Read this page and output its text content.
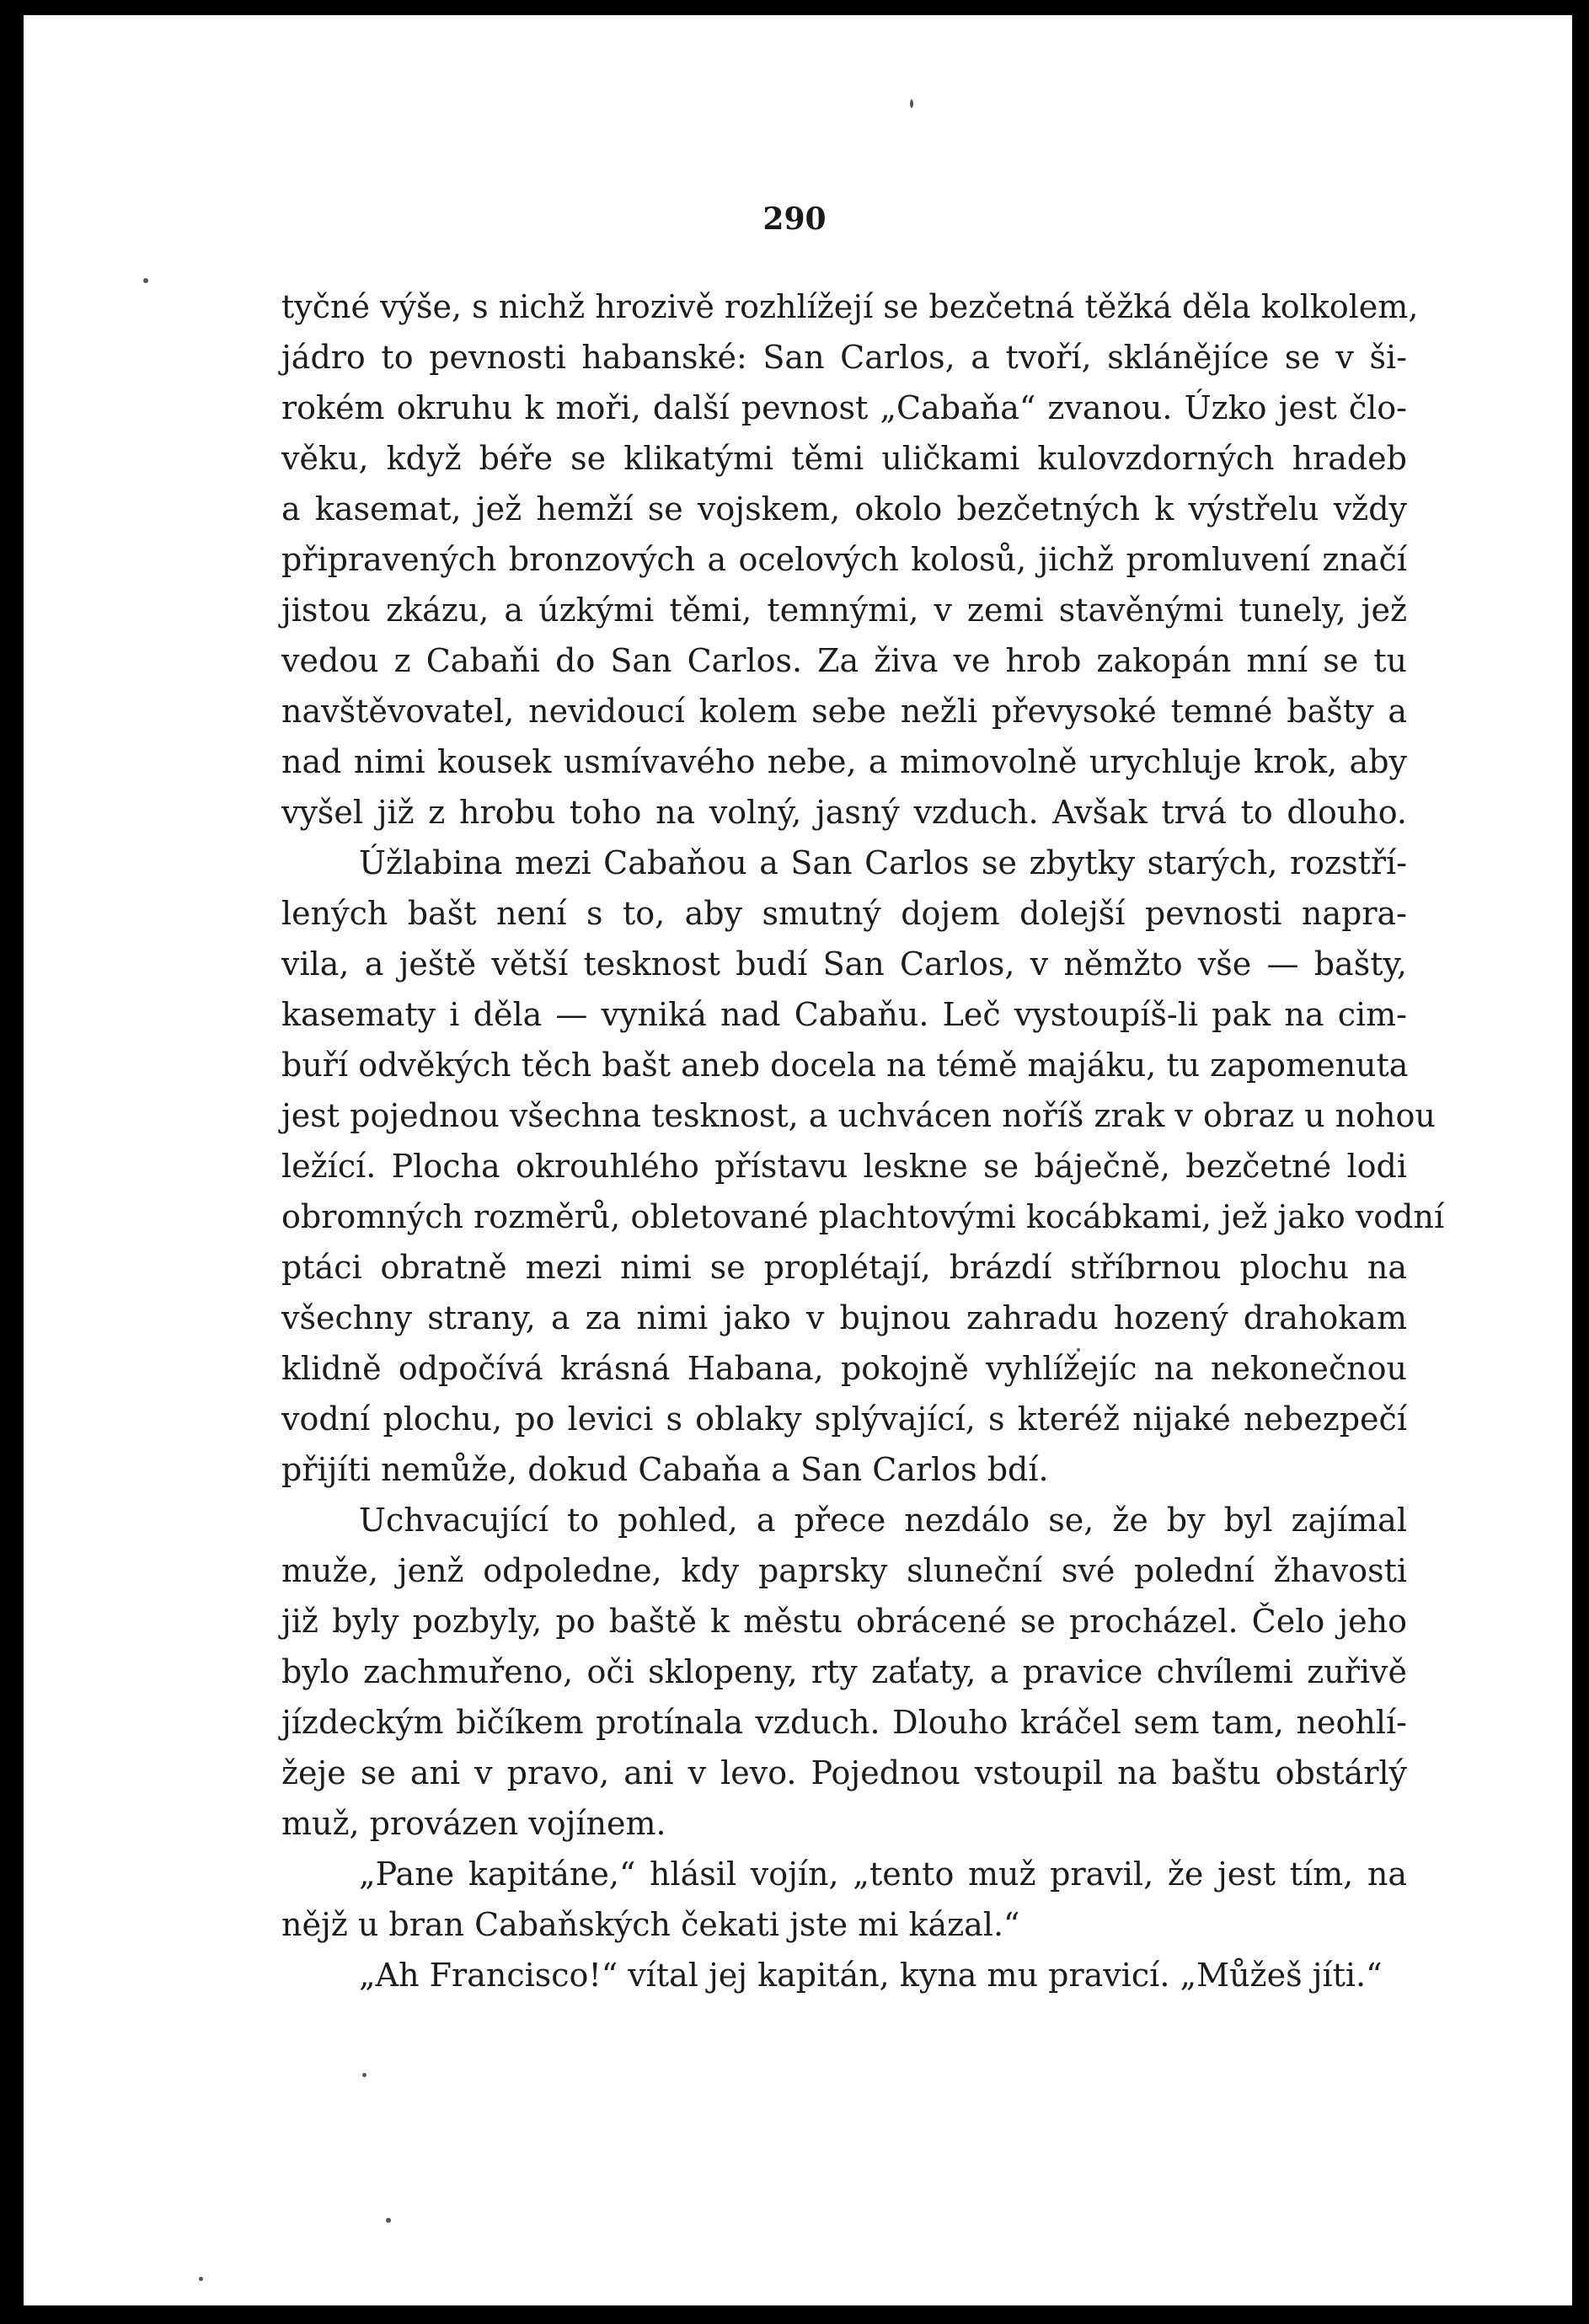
290
tyčné výše, s nichž hrozivě rozhlížejí se bezčetná těžká děla kolkolem,
jádro to pevnosti habanské: San Carlos, a tvoří, sklánějíce se v ši-
rokém okruhu k moři, další pevnost „Cabaňa“ zvanou. Úzko jest člo-
věku, když béře se klikatými těmi uličkami kulovzdorných hradeb
a kasemat, jež hemží se vojskem, okolo bezčetných k výstřelu vždy
připravených bronzových a ocelových kolosů, jichž promluvení značí
jistou zkázu, a úzkými těmi, temnými, v zemi stavěnými tunely, jež
vedou z Cabaňi do San Carlos. Za živa ve hrob zakopán mní se tu
navštěvovatel, nevidoucí kolem sebe nežli převysoké temné bašty a
nad nimi kousek usmívavého nebe, a mimovolně urychluje krok, aby
vyšel již z hrobu toho na volný, jasný vzduch. Avšak trvá to dlouho.
Úžlabina mezi Cabaňou a San Carlos se zbytky starých, rozstří-
lených bašt není s to, aby smutný dojem dolejší pevnosti napra-
vila, a ještě větší tesknost budí San Carlos, v němžto vše — bašty,
kasematy i děla — vyniká nad Cabaňu. Leč vystoupíš-li pak na cim-
buří odvěkých těch bašt aneb docela na témě majáku, tu zapomenuta
jest pojednou všechna tesknost, a uchvácen noříš zrak v obraz u nohou
ležící. Plocha okrouhlého přístavu leskne se báječně, bezčetné lodi
obromných rozměrů, obletované plachtovými kocábkami, jež jako vodní
ptáci obratně mezi nimi se proplétají, brázdí stříbrnou plochu na
všechny strany, a za nimi jako v bujnou zahradu hozený drahokam
klidně odpočívá krásná Habana, pokojně vyhlížejíc na nekonečnou
vodní plochu, po levici s oblaky splývající, s kteréž nijaké nebezpečí
přijíti nemůže, dokud Cabaňa a San Carlos bdí.
Uchvacující to pohled, a přece nezdálo se, že by byl zajímal
muže, jenž odpoledne, kdy paprsky sluneční své polední žhavosti
již byly pozbyly, po baště k městu obrácené se procházel. Čelo jeho
bylo zachmuřeno, oči sklopeny, rty zaťaty, a pravice chvílemi zuřivě
jízdeckým bičíkem protínala vzduch. Dlouho kráčel sem tam, neohlí-
žeje se ani v pravo, ani v levo. Pojednou vstoupil na baštu obstárlý
muž, provázen vojínem.
„Pane kapitáne,“ hlásil vojín, „tento muž pravil, že jest tím, na
nějž u bran Cabaňských čekati jste mi kázal.“
„Ah Francisco!“ vítal jej kapitán, kyna mu pravicí. „Můžeš jíti.“
